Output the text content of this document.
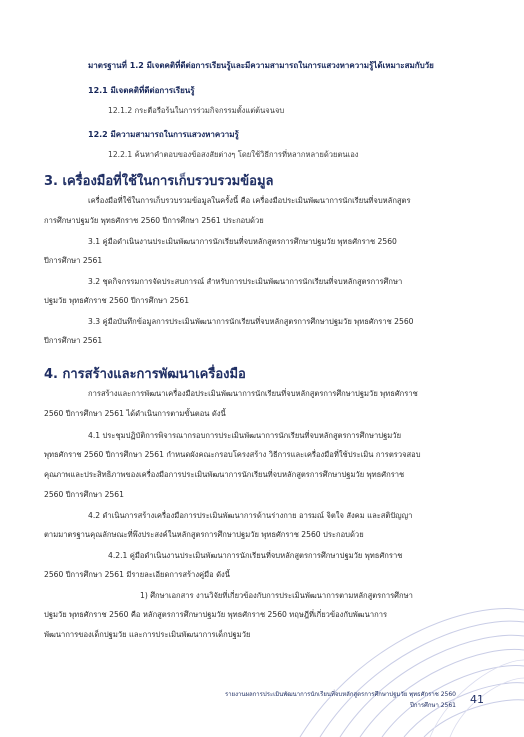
มาตรฐานที่ 1.2 มีเจตคติที่ดีต่อการเรียนรู้และมีความสามารถในการแสวงหาความรู้ได้เหมาะสมกับวัย
12.1 มีเจตคติที่ดีต่อการเรียนรู้
12.1.2 กระตือรือร้นในการร่วมกิจกรรมตั้งแต่ต้นจนจบ
12.2 มีความสามารถในการแสวงหาความรู้
12.2.1 ค้นหาคำตอบของข้อสงสัยต่างๆ โดยใช้วิธีการที่หลากหลายด้วยตนเอง
3. เครื่องมือที่ใช้ในการเก็บรวบรวมข้อมูล
เครื่องมือที่ใช้ในการเก็บรวบรวมข้อมูลในครั้งนี้ คือ เครื่องมือประเมินพัฒนาการนักเรียนที่จบหลักสูตร
การศึกษาปฐมวัย พุทธศักราช 2560 ปีการศึกษา 2561 ประกอบด้วย
3.1 คู่มือดำเนินงานประเมินพัฒนาการนักเรียนที่จบหลักสูตรการศึกษาปฐมวัย พุทธศักราช 2560
ปีการศึกษา 2561
3.2 ชุดกิจกรรมการจัดประสบการณ์ สำหรับการประเมินพัฒนาการนักเรียนที่จบหลักสูตรการศึกษา
ปฐมวัย พุทธศักราช 2560 ปีการศึกษา 2561
3.3 คู่มือบันทึกข้อมูลการประเมินพัฒนาการนักเรียนที่จบหลักสูตรการศึกษาปฐมวัย พุทธศักราช 2560
ปีการศึกษา 2561
4. การสร้างและการพัฒนาเครื่องมือ
การสร้างและการพัฒนาเครื่องมือประเมินพัฒนาการนักเรียนที่จบหลักสูตรการศึกษาปฐมวัย พุทธศักราช
2560 ปีการศึกษา 2561 ได้ดำเนินการตามขั้นตอน ดังนี้
4.1 ประชุมปฏิบัติการพิจารณากรอบการประเมินพัฒนาการนักเรียนที่จบหลักสูตรการศึกษาปฐมวัย
พุทธศักราช 2560 ปีการศึกษา 2561 กำหนดผังคณะกรอบโครงสร้าง วิธีการและเครื่องมือที่ใช้ประเมิน การตรวจสอบ
คุณภาพและประสิทธิภาพของเครื่องมือการประเมินพัฒนาการนักเรียนที่จบหลักสูตรการศึกษาปฐมวัย พุทธศักราช
2560 ปีการศึกษา 2561
4.2 ดำเนินการสร้างเครื่องมือการประเมินพัฒนาการด้านร่างกาย อารมณ์ จิตใจ สังคม และสติปัญญา
ตามมาตรฐานคุณลักษณะที่พึงประสงค์ในหลักสูตรการศึกษาปฐมวัย พุทธศักราช 2560 ประกอบด้วย
4.2.1 คู่มือดำเนินงานประเมินพัฒนาการนักเรียนที่จบหลักสูตรการศึกษาปฐมวัย พุทธศักราช
2560 ปีการศึกษา 2561 มีรายละเอียดการสร้างคู่มือ ดังนี้
1) ศึกษาเอกสาร งานวิจัยที่เกี่ยวข้องกับการประเมินพัฒนาการตามหลักสูตรการศึกษา
ปฐมวัย พุทธศักราช 2560 คือ หลักสูตรการศึกษาปฐมวัย พุทธศักราช 2560 ทฤษฎีที่เกี่ยวข้องกับพัฒนาการ
พัฒนาการของเด็กปฐมวัย และการประเมินพัฒนาการเด็กปฐมวัย
รายงานผลการประเมินพัฒนาการนักเรียนที่จบหลักสูตรการศึกษาปฐมวัย พุทธศักราช 2560
ปีการศึกษา 2561 41
